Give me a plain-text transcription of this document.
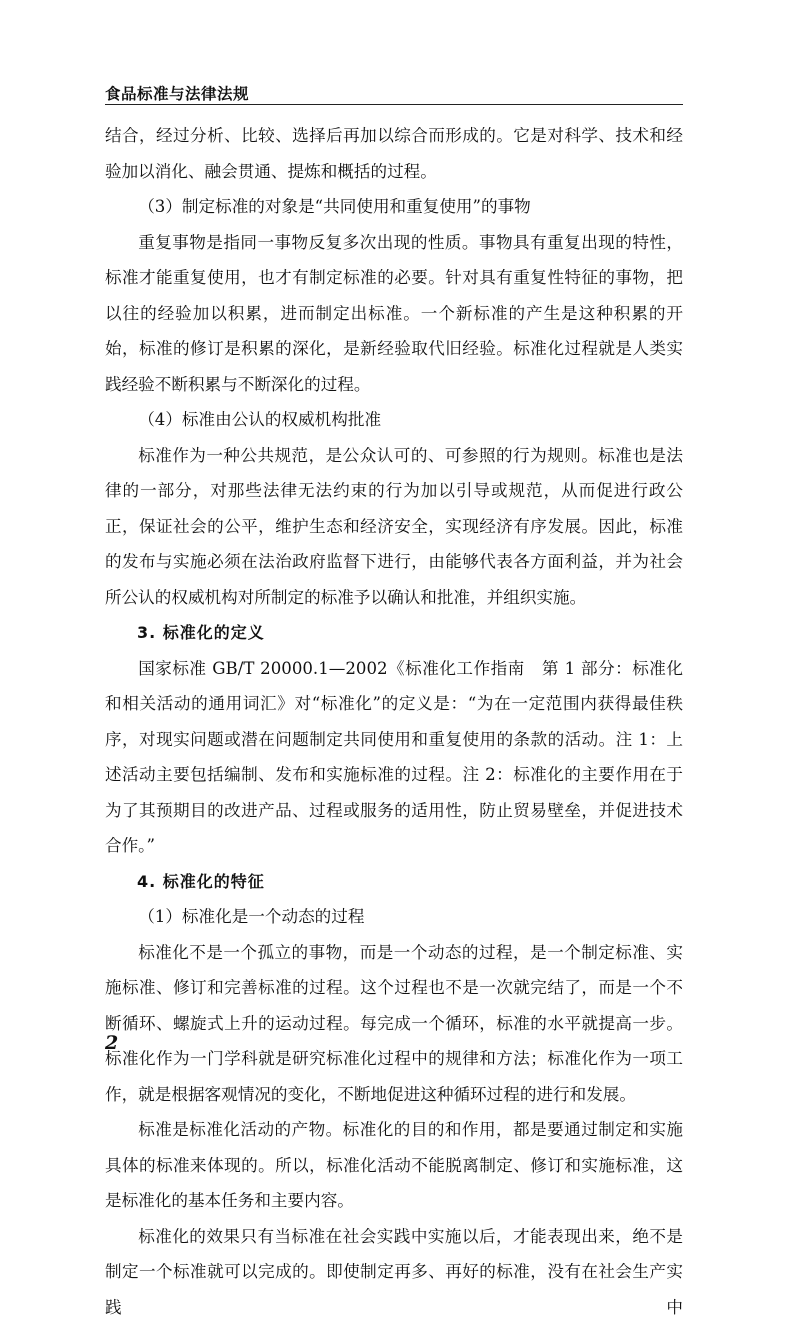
食品标准与法律法规

结合，经过分析、比较、选择后再加以综合而形成的。它是对科学、技术和经验加以消化、融会贯通、提炼和概括的过程。

（3）制定标准的对象是“共同使用和重复使用”的事物

重复事物是指同一事物反复多次出现的性质。事物具有重复出现的特性，标准才能重复使用，也才有制定标准的必要。针对具有重复性特征的事物，把以往的经验加以积累，进而制定出标准。一个新标准的产生是这种积累的开始，标准的修订是积累的深化，是新经验取代旧经验。标准化过程就是人类实践经验不断积累与不断深化的过程。

（4）标准由公认的权威机构批准

标准作为一种公共规范，是公众认可的、可参照的行为规则。标准也是法律的一部分，对那些法律无法约束的行为加以引导或规范，从而促进行政公正，保证社会的公平，维护生态和经济安全，实现经济有序发展。因此，标准的发布与实施必须在法治政府监督下进行，由能够代表各方面利益，并为社会所公认的权威机构对所制定的标准予以确认和批准，并组织实施。

3. 标准化的定义

国家标准 GB/T 20000.1—2002《标准化工作指南　第 1 部分：标准化和相关活动的通用词汇》对“标准化”的定义是：“为在一定范围内获得最佳秩序，对现实问题或潜在问题制定共同使用和重复使用的条款的活动。注 1：上述活动主要包括编制、发布和实施标准的过程。注 2：标准化的主要作用在于为了其预期目的改进产品、过程或服务的适用性，防止贸易壁垒，并促进技术合作。”

4. 标准化的特征
（1）标准化是一个动态的过程

标准化不是一个孤立的事物，而是一个动态的过程，是一个制定标准、实施标准、修订和完善标准的过程。这个过程也不是一次就完结了，而是一个不断循环、螺旋式上升的运动过程。每完成一个循环，标准的水平就提高一步。标准化作为一门学科就是研究标准化过程中的规律和方法；标准化作为一项工作，就是根据客观情况的变化，不断地促进这种循环过程的进行和发展。

标准是标准化活动的产物。标准化的目的和作用，都是要通过制定和实施具体的标准来体现的。所以，标准化活动不能脱离制定、修订和实施标准，这是标准化的基本任务和主要内容。

标准化的效果只有当标准在社会实践中实施以后，才能表现出来，绝不是制定一个标准就可以完成的。即使制定再多、再好的标准，没有在社会生产实践中

2
